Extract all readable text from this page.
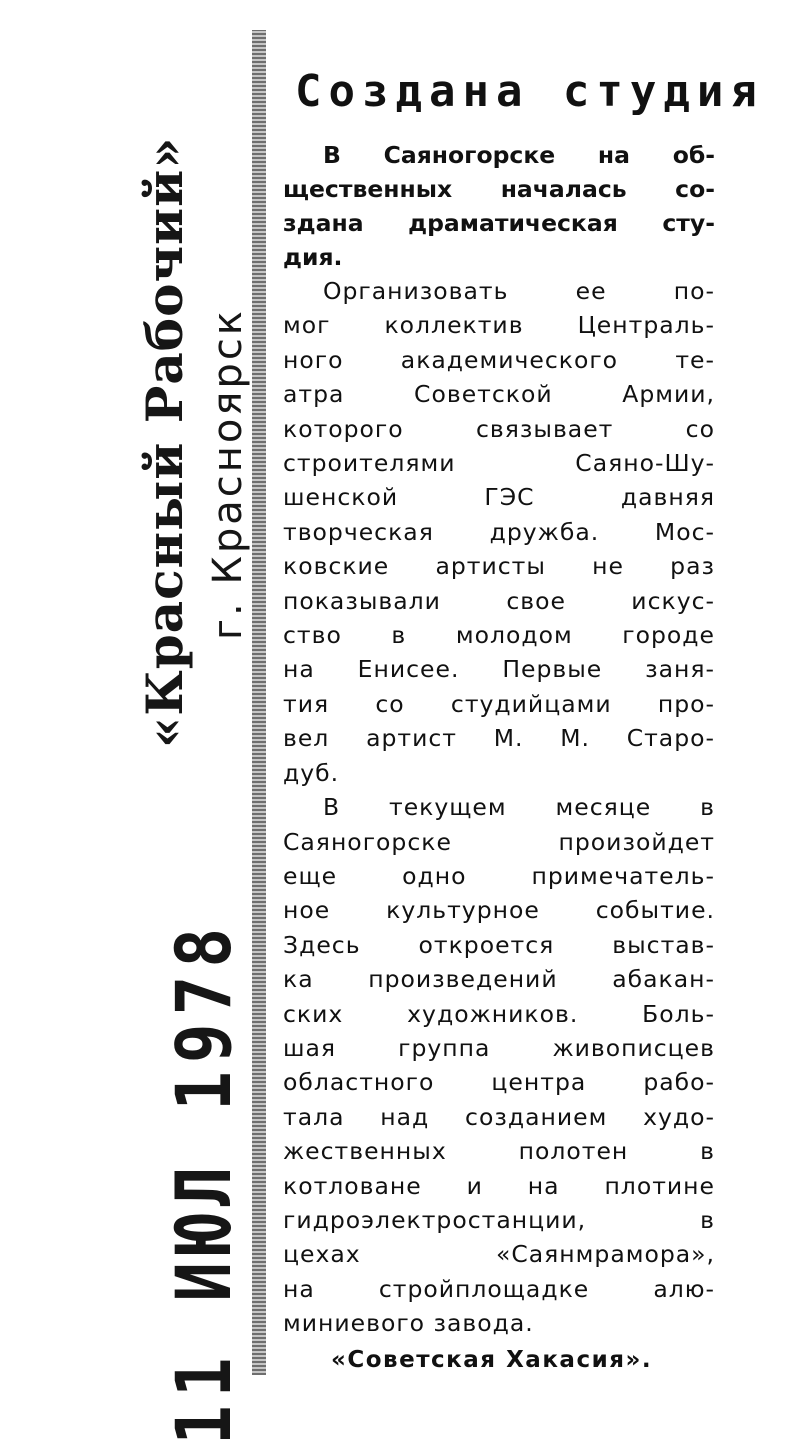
«Красный Рабочий» г. Красноярск
11 ИЮЛ 1978
Создана студия

В Саяногорске на об-
щественных началась со-
здана драматическая сту-
дия.

Организовать ее по-
мог коллектив Централь-
ного академического те-
атра Советской Армии,
которого связывает со
строителями Саяно-Шу-
шенской ГЭС давняя
творческая дружба. Мос-
ковские артисты не раз
показывали свое искус-
ство в молодом городе
на Енисее. Первые заня-
тия со студийцами про-
вел артист М. М. Старо-
дуб.

В текущем месяце в
Саяногорске произойдет
еще одно примечатель-
ное культурное событие.
Здесь откроется выстав-
ка произведений абакан-
ских художников. Боль-
шая группа живописцев
областного центра рабо-
тала над созданием худо-
жественных полотен в
котловане и на плотине
гидроэлектростанции, в
цехах «Саянмрамора»,
на стройплощадке алю-
миниевого завода.

«Советская Хакасия».
